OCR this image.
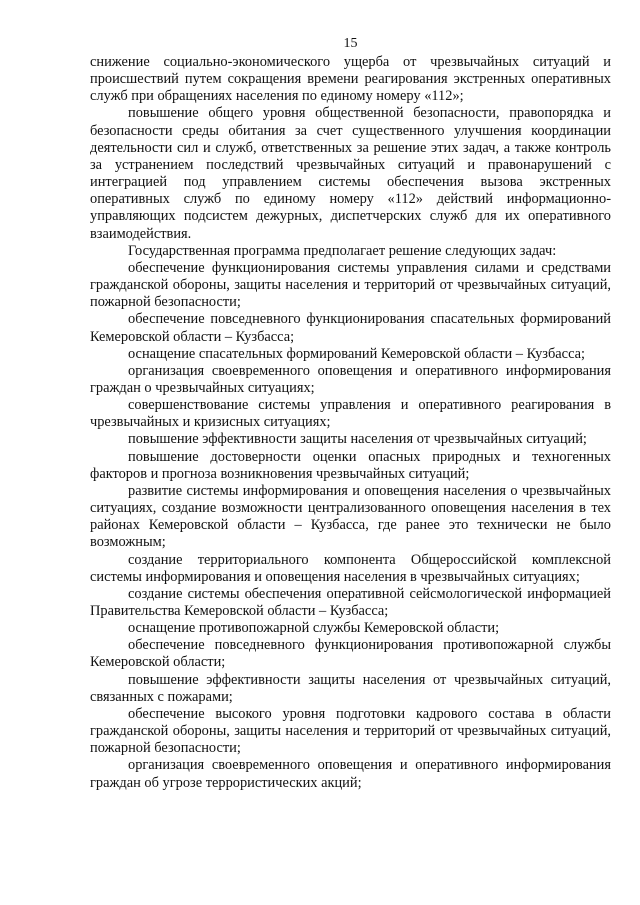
15

снижение социально-экономического ущерба от чрезвычайных ситуаций и происшествий путем сокращения времени реагирования экстренных оперативных служб при обращениях населения по единому номеру «112»;

повышение общего уровня общественной безопасности, правопорядка и безопасности среды обитания за счет существенного улучшения координации деятельности сил и служб, ответственных за решение этих задач, а также контроль за устранением последствий чрезвычайных ситуаций и правонарушений с интеграцией под управлением системы обеспечения вызова экстренных оперативных служб по единому номеру «112» действий информационно-управляющих подсистем дежурных, диспетчерских служб для их оперативного взаимодействия.

Государственная программа предполагает решение следующих задач:

обеспечение функционирования системы управления силами и средствами гражданской обороны, защиты населения и территорий от чрезвычайных ситуаций, пожарной безопасности;

обеспечение повседневного функционирования спасательных формирований Кемеровской области – Кузбасса;

оснащение спасательных формирований Кемеровской области – Кузбасса;

организация своевременного оповещения и оперативного информирования граждан о чрезвычайных ситуациях;

совершенствование системы управления и оперативного реагирования в чрезвычайных и кризисных ситуациях;

повышение эффективности защиты населения от чрезвычайных ситуаций;

повышение достоверности оценки опасных природных и техногенных факторов и прогноза возникновения чрезвычайных ситуаций;

развитие системы информирования и оповещения населения о чрезвычайных ситуациях, создание возможности централизованного оповещения населения в тех районах Кемеровской области – Кузбасса, где ранее это технически не было возможным;

создание территориального компонента Общероссийской комплексной системы информирования и оповещения населения в чрезвычайных ситуациях;

создание системы обеспечения оперативной сейсмологической информацией Правительства Кемеровской области – Кузбасса;

оснащение противопожарной службы Кемеровской области;

обеспечение повседневного функционирования противопожарной службы Кемеровской области;

повышение эффективности защиты населения от чрезвычайных ситуаций, связанных с пожарами;

обеспечение высокого уровня подготовки кадрового состава в области гражданской обороны, защиты населения и территорий от чрезвычайных ситуаций, пожарной безопасности;

организация своевременного оповещения и оперативного информирования граждан об угрозе террористических акций;
